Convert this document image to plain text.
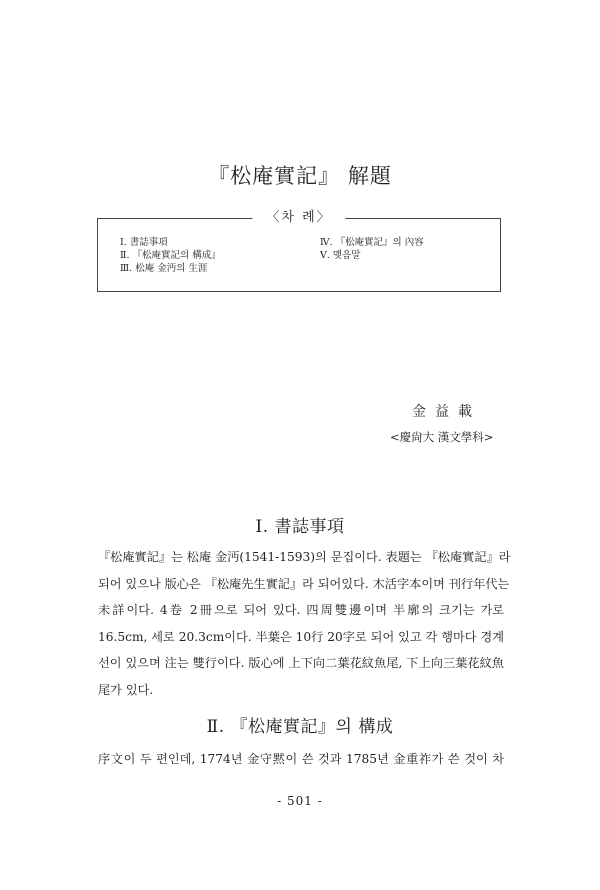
『松庵實記』 解題
〈차 례〉
Ⅰ. 書誌事項
Ⅱ. 『松庵實記의 構成』
Ⅲ. 松庵 金沔의 生涯
Ⅳ. 『松庵實記』의 內容
Ⅴ. 맺음말
金益載
<慶尙大 漢文學科>
Ⅰ. 書誌事項
『松庵實記』는 松庵 金沔(1541-1593)의 문집이다. 表題는 『松庵實記』라
되어 있으나 版心은 『松庵先生實記』라 되어있다. 木活字本이며 刊行年代는
未詳이다. 4卷 2冊으로 되어 있다. 四周雙邊이며 半廓의 크기는 가로
16.5cm, 세로 20.3cm이다. 半葉은 10行 20字로 되어 있고 각 행마다 경계
선이 있으며 注는 雙行이다. 版心에 上下向二葉花紋魚尾, 下上向三葉花紋魚
尾가 있다.
Ⅱ. 『松庵實記』의 構成
序文이 두 편인데, 1774년 金守黙이 쓴 것과 1785년 金重祚가 쓴 것이 차
- 501 -
